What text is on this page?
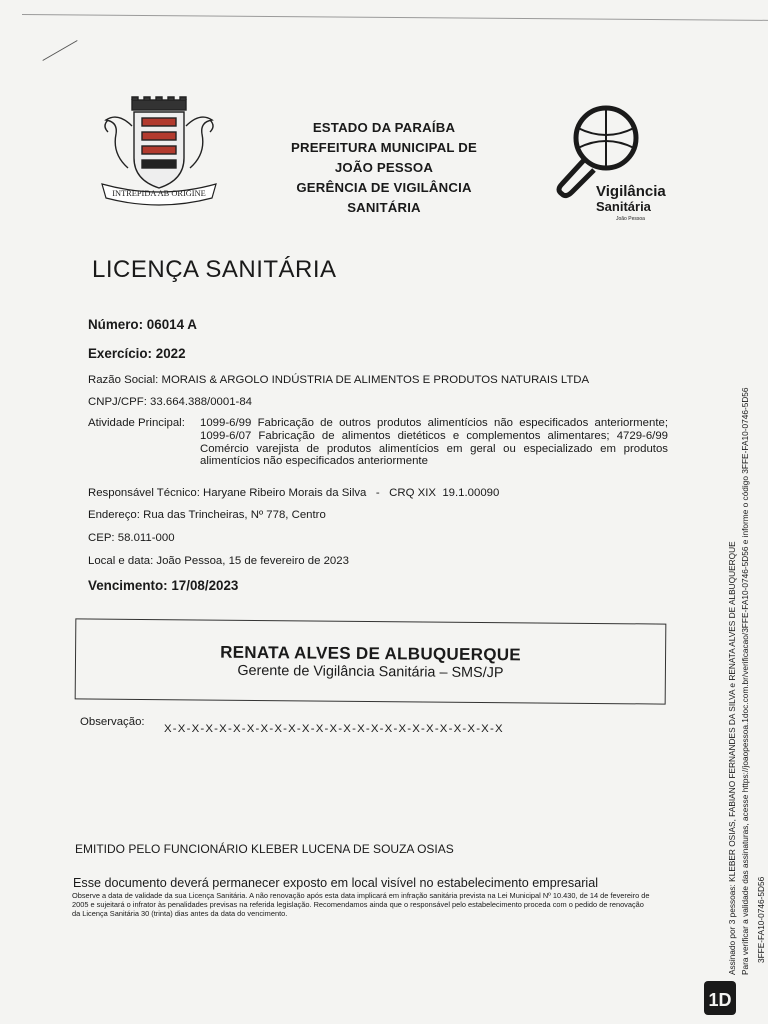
INTREPIDA AB ORIGINE
ESTADO DA PARAÍBA
PREFEITURA MUNICIPAL DE
JOÃO PESSOA
GERÊNCIA DE VIGILÂNCIA
SANITÁRIA
Vigilância
Sanitária
João Pessoa
LICENÇA SANITÁRIA
Número: 06014 A
Exercício: 2022
Razão Social: MORAIS & ARGOLO INDÚSTRIA DE ALIMENTOS E PRODUTOS NATURAIS LTDA
CNPJ/CPF: 33.664.388/0001-84
Atividade Principal: 1099-6/99 Fabricação de outros produtos alimentícios não especificados anteriormente; 1099-6/07 Fabricação de alimentos dietéticos e complementos alimentares; 4729-6/99 Comércio varejista de produtos alimentícios em geral ou especializado em produtos alimentícios não especificados anteriormente
Responsável Técnico: Haryane Ribeiro Morais da Silva   -   CRQ XIX  19.1.00090
Endereço: Rua das Trincheiras, Nº 778, Centro
CEP: 58.011-000
Local e data: João Pessoa, 15 de fevereiro de 2023
Vencimento: 17/08/2023
RENATA ALVES DE ALBUQUERQUE
Gerente de Vigilância Sanitária – SMS/JP
Observação:
X-X-X-X-X-X-X-X-X-X-X-X-X-X-X-X-X-X-X-X-X-X-X-X-X
EMITIDO PELO FUNCIONÁRIO KLEBER LUCENA DE SOUZA OSIAS
Esse documento deverá permanecer exposto em local visível no estabelecimento empresarial
Observe a data de validade da sua Licença Sanitária. A não renovação após esta data implicará em infração sanitária prevista na Lei Municipal Nº 10.430, de 14 de fevereiro de 2005 e sujeitará o infrator às penalidades previsas na referida legislação. Recomendamos ainda que o responsável pelo estabelecimento proceda com o pedido de renovação da Licença Sanitária 30 (trinta) dias antes da data do vencimento.	Assinado por 3 pessoas: KLEBER OSIAS, FABIANO FERNANDES DA SILVA e RENATA ALVES DE ALBUQUERQUE Para verificar a validade das assinaturas, acesse https://joaopessoa.1doc.com.br/verificacao/3FFE-FA10-0746-5D56 e informe o código 3FFE-FA10-0746-5D56 3FFE-FA10-0746-5D56
1D
